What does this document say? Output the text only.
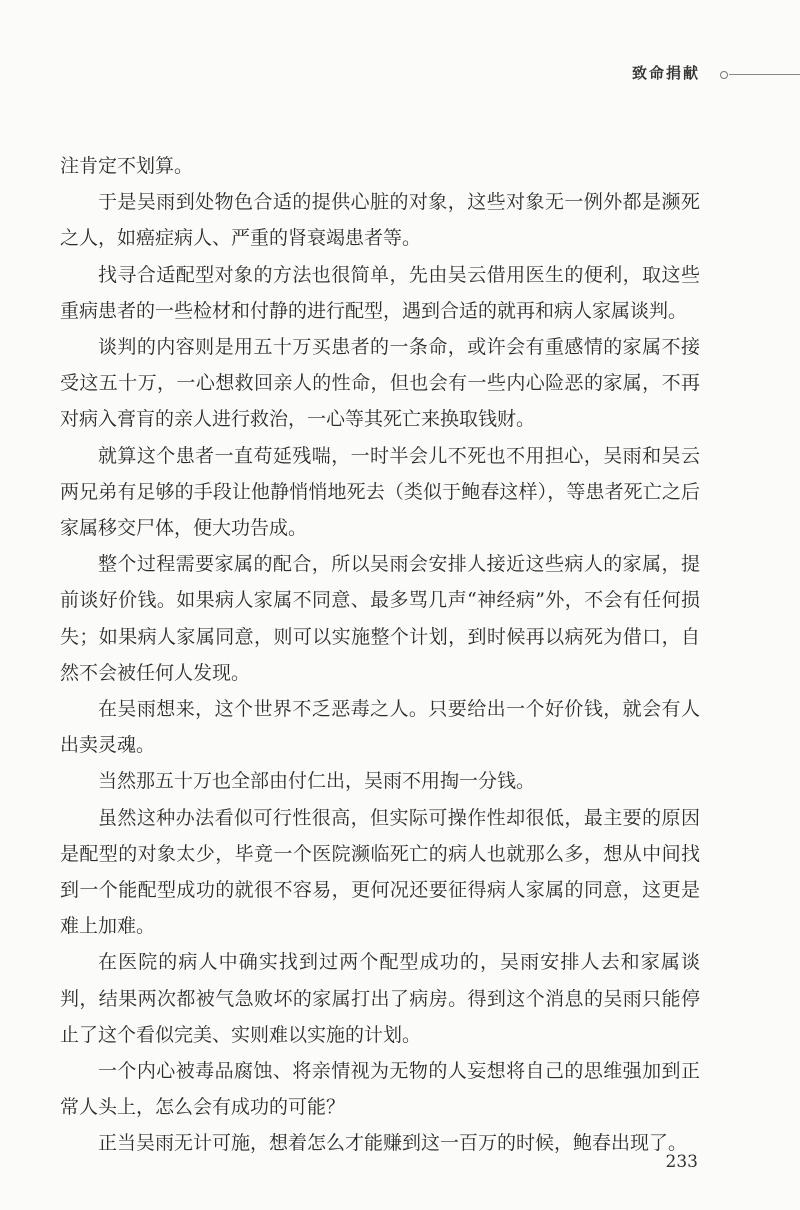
致命捐献

注肯定不划算。

于是吴雨到处物色合适的提供心脏的对象，这些对象无一例外都是濒死之人，如癌症病人、严重的肾衰竭患者等。

找寻合适配型对象的方法也很简单，先由吴云借用医生的便利，取这些重病患者的一些检材和付静的进行配型，遇到合适的就再和病人家属谈判。

谈判的内容则是用五十万买患者的一条命，或许会有重感情的家属不接受这五十万，一心想救回亲人的性命，但也会有一些内心险恶的家属，不再对病入膏肓的亲人进行救治，一心等其死亡来换取钱财。

就算这个患者一直苟延残喘，一时半会儿不死也不用担心，吴雨和吴云两兄弟有足够的手段让他静悄悄地死去（类似于鲍春这样），等患者死亡之后家属移交尸体，便大功告成。

整个过程需要家属的配合，所以吴雨会安排人接近这些病人的家属，提前谈好价钱。如果病人家属不同意、最多骂几声“神经病”外，不会有任何损失；如果病人家属同意，则可以实施整个计划，到时候再以病死为借口，自然不会被任何人发现。

在吴雨想来，这个世界不乏恶毒之人。只要给出一个好价钱，就会有人出卖灵魂。

当然那五十万也全部由付仁出，吴雨不用掏一分钱。

虽然这种办法看似可行性很高，但实际可操作性却很低，最主要的原因是配型的对象太少，毕竟一个医院濒临死亡的病人也就那么多，想从中间找到一个能配型成功的就很不容易，更何况还要征得病人家属的同意，这更是难上加难。

在医院的病人中确实找到过两个配型成功的，吴雨安排人去和家属谈判，结果两次都被气急败坏的家属打出了病房。得到这个消息的吴雨只能停止了这个看似完美、实则难以实施的计划。

一个内心被毒品腐蚀、将亲情视为无物的人妄想将自己的思维强加到正常人头上，怎么会有成功的可能？

正当吴雨无计可施，想着怎么才能赚到这一百万的时候，鲍春出现了。

233
